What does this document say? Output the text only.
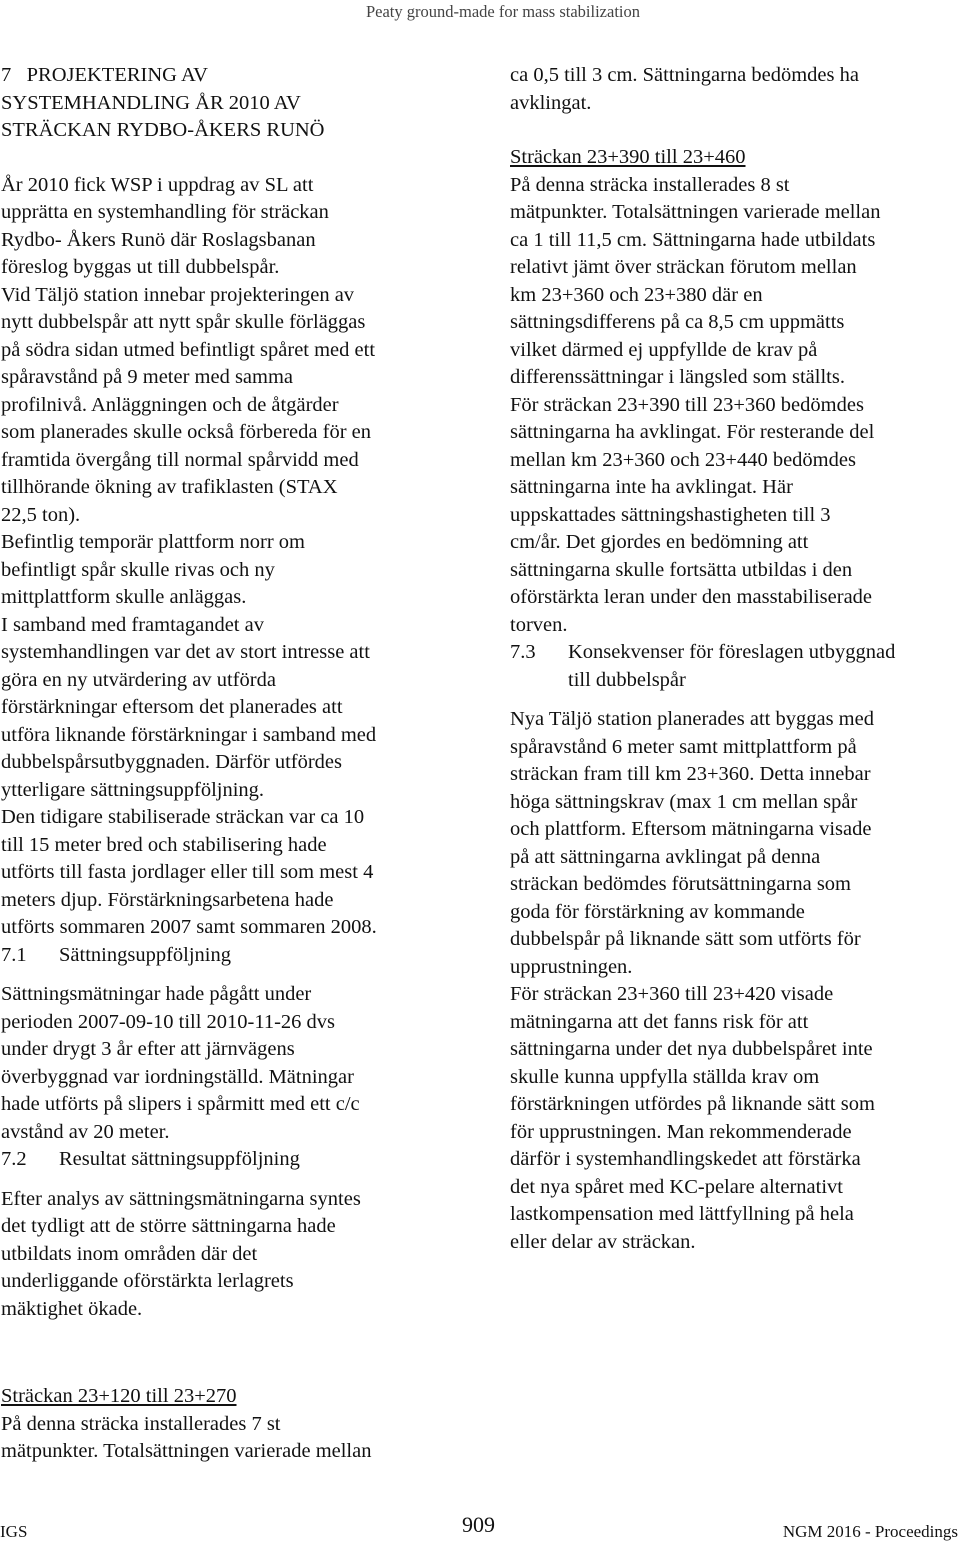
Peaty ground-made for mass stabilization
7   PROJEKTERING AV
SYSTEMHANDLING ÅR 2010 AV
STRÄCKAN RYDBO-ÅKERS RUNÖ
År 2010 fick WSP i uppdrag av SL att
upprätta en systemhandling för sträckan
Rydbo- Åkers Runö där Roslagsbanan
föreslog byggas ut till dubbelspår.
Vid Täljö station innebar projekteringen av
nytt dubbelspår att nytt spår skulle förläggas
på södra sidan utmed befintligt spåret med ett
spåravstånd på 9 meter med samma
profilnivå. Anläggningen och de åtgärder
som planerades skulle också förbereda för en
framtida övergång till normal spårvidd med
tillhörande ökning av trafiklasten (STAX
22,5 ton).
Befintlig temporär plattform norr om
befintligt spår skulle rivas och ny
mittplattform skulle anläggas.
I samband med framtagandet av
systemhandlingen var det av stort intresse att
göra en ny utvärdering av utförda
förstärkningar eftersom det planerades att
utföra liknande förstärkningar i samband med
dubbelspårsutbyggnaden. Därför utfördes
ytterligare sättningsuppföljning.
Den tidigare stabiliserade sträckan var ca 10
till 15 meter bred och stabilisering hade
utförts till fasta jordlager eller till som mest 4
meters djup. Förstärkningsarbetena hade
utförts sommaren 2007 samt sommaren 2008.
7.1	Sättningsuppföljning
Sättningsmätningar hade pågått under
perioden 2007-09-10 till 2010-11-26 dvs
under drygt 3 år efter att järnvägens
överbyggnad var iordningställd. Mätningar
hade utförts på slipers i spårmitt med ett c/c
avstånd av 20 meter.
7.2	Resultat sättningsuppföljning
Efter analys av sättningsmätningarna syntes
det tydligt att de större sättningarna hade
utbildats inom områden där det
underliggande oförstärkta lerlagrets
mäktighet ökade.
Sträckan 23+120 till 23+270
På denna sträcka installerades 7 st
mätpunkter. Totalsättningen varierade mellan
ca 0,5 till 3 cm. Sättningarna bedömdes ha
avklingat.
Sträckan 23+390 till 23+460
På denna sträcka installerades 8 st
mätpunkter. Totalsättningen varierade mellan
ca 1 till 11,5 cm. Sättningarna hade utbildats
relativt jämt över sträckan förutom mellan
km 23+360 och 23+380 där en
sättningsdifferens på ca 8,5 cm uppmätts
vilket därmed ej uppfyllde de krav på
differenssättningar i längsled som ställts.
För sträckan 23+390 till 23+360 bedömdes
sättningarna ha avklingat. För resterande del
mellan km 23+360 och 23+440 bedömdes
sättningarna inte ha avklingat. Här
uppskattades sättningshastigheten till 3
cm/år. Det gjordes en bedömning att
sättningarna skulle fortsätta utbildas i den
oförstärkta leran under den masstabiliserade
torven.
7.3	Konsekvenser för föreslagen utbyggnad
till dubbelspår
Nya Täljö station planerades att byggas med
spåravstånd 6 meter samt mittplattform på
sträckan fram till km 23+360. Detta innebar
höga sättningskrav (max 1 cm mellan spår
och plattform. Eftersom mätningarna visade
på att sättningarna avklingat på denna
sträckan bedömdes förutsättningarna som
goda för förstärkning av kommande
dubbelspår på liknande sätt som utförts för
upprustningen.
För sträckan 23+360 till 23+420 visade
mätningarna att det fanns risk för att
sättningarna under det nya dubbelspåret inte
skulle kunna uppfylla ställda krav om
förstärkningen utfördes på liknande sätt som
för upprustningen. Man rekommenderade
därför i systemhandlingskedet att förstärka
det nya spåret med KC-pelare alternativt
lastkompensation med lättfyllning på hela
eller delar av sträckan.
IGS	909	NGM 2016 - Proceedings
